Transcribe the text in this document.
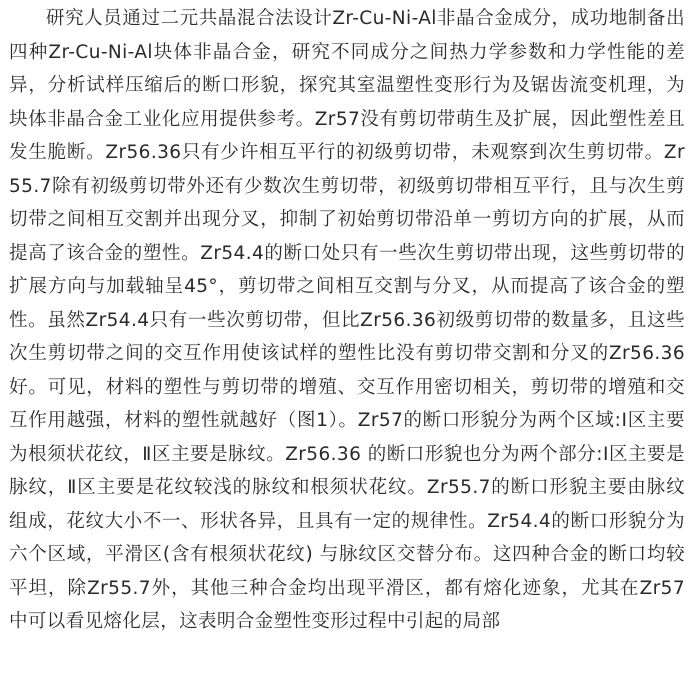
研究人员通过二元共晶混合法设计Zr-Cu-Ni-Al非晶合金成分，成功地制备出四种Zr-Cu-Ni-Al块体非晶合金，研究不同成分之间热力学参数和力学性能的差异，分析试样压缩后的断口形貌，探究其室温塑性变形行为及锯齿流变机理，为块体非晶合金工业化应用提供参考。Zr57没有剪切带萌生及扩展，因此塑性差且发生脆断。Zr56.36只有少许相互平行的初级剪切带，未观察到次生剪切带。Zr55.7除有初级剪切带外还有少数次生剪切带，初级剪切带相互平行，且与次生剪切带之间相互交割并出现分叉，抑制了初始剪切带沿单一剪切方向的扩展，从而提高了该合金的塑性。Zr54.4的断口处只有一些次生剪切带出现，这些剪切带的扩展方向与加载轴呈45°，剪切带之间相互交割与分叉，从而提高了该合金的塑性。虽然Zr54.4只有一些次剪切带，但比Zr56.36初级剪切带的数量多，且这些次生剪切带之间的交互作用使该试样的塑性比没有剪切带交割和分叉的Zr56.36好。可见，材料的塑性与剪切带的增殖、交互作用密切相关，剪切带的增殖和交互作用越强，材料的塑性就越好（图1）。Zr57的断口形貌分为两个区域:Ⅰ区主要为根须状花纹，Ⅱ区主要是脉纹。Zr56.36 的断口形貌也分为两个部分:Ⅰ区主要是脉纹，Ⅱ区主要是花纹较浅的脉纹和根须状花纹。Zr55.7的断口形貌主要由脉纹组成，花纹大小不一、形状各异，且具有一定的规律性。Zr54.4的断口形貌分为六个区域，平滑区(含有根须状花纹) 与脉纹区交替分布。这四种合金的断口均较平坦，除Zr55.7外，其他三种合金均出现平滑区，都有熔化迹象，尤其在Zr57中可以看见熔化层，这表明合金塑性变形过程中引起的局部
